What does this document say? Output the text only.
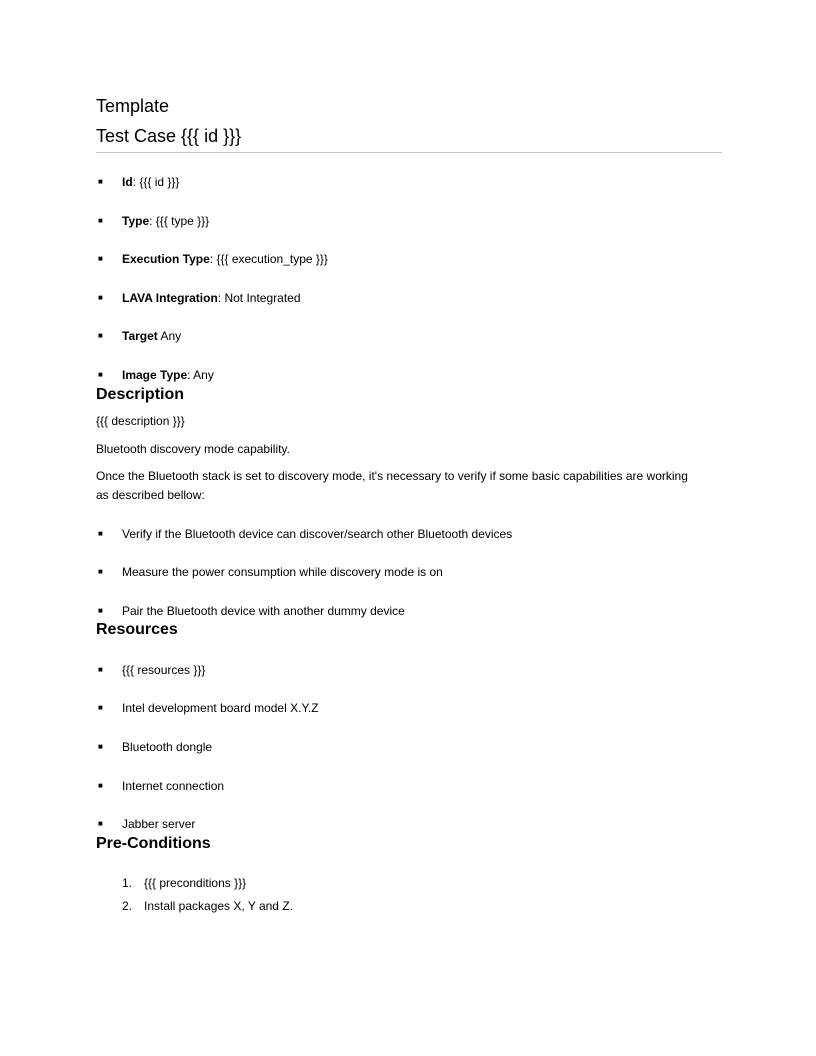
Template
Test Case {{{ id }}}
■ Id: {{{ id }}}
■ Type: {{{ type }}}
■ Execution Type: {{{ execution_type }}}
■ LAVA Integration: Not Integrated
■ Target Any
■ Image Type: Any
Description

{{{ description }}}

Bluetooth discovery mode capability.

Once the Bluetooth stack is set to discovery mode, it's necessary to verify if some basic capabilities are working as described bellow:

■ Verify if the Bluetooth device can discover/search other Bluetooth devices
■ Measure the power consumption while discovery mode is on
■ Pair the Bluetooth device with another dummy device
Resources
■ {{{ resources }}}
■ Intel development board model X.Y.Z
■ Bluetooth dongle
■ Internet connection
■ Jabber server
Pre-Conditions
1. {{{ preconditions }}}
2. Install packages X, Y and Z.
